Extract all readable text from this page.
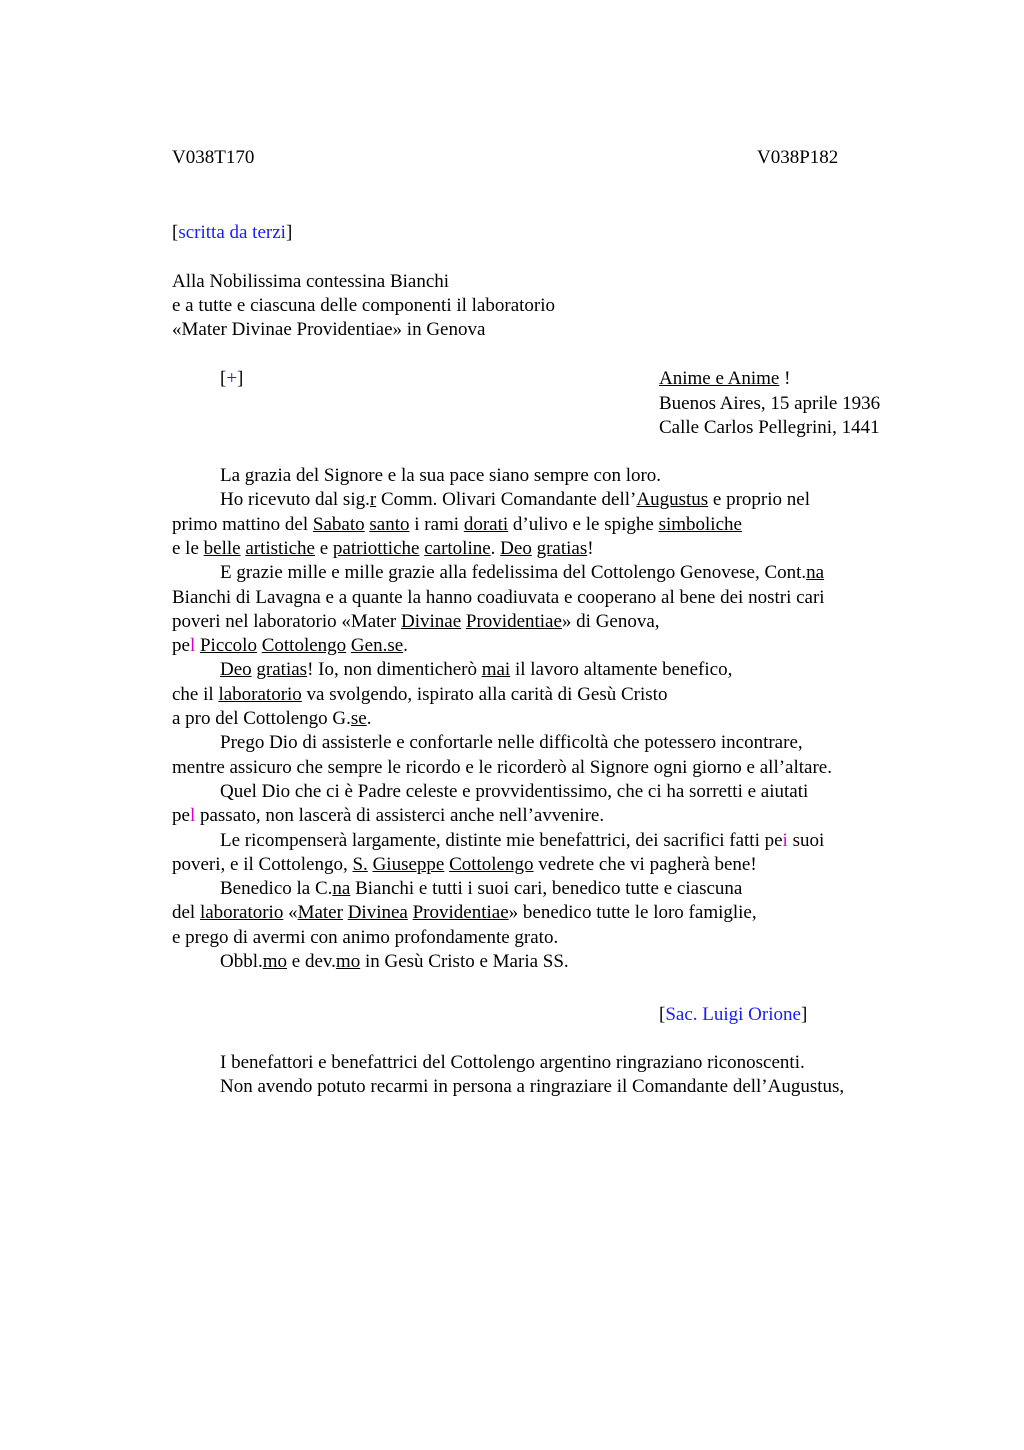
V038T170	V038P182
[scritta da terzi]
Alla Nobilissima contessina Bianchi
e a tutte e ciascuna delle componenti il laboratorio
«Mater Divinae Providentiae» in Genova
[+]	Anime e Anime !
Buenos Aires, 15 aprile 1936
Calle Carlos Pellegrini, 1441
La grazia del Signore e la sua pace siano sempre con loro.
Ho ricevuto dal sig.r Comm. Olivari Comandante dell’Augustus e proprio nel
primo mattino del Sabato santo i rami dorati d’ulivo e le spighe simboliche
e le belle artistiche e patriottiche cartoline. Deo gratias!
E grazie mille e mille grazie alla fedelissima del Cottolengo Genovese, Cont.na
Bianchi di Lavagna e a quante la hanno coadiuvata e cooperano al bene dei nostri cari
poveri nel laboratorio «Mater Divinae Providentiae» di Genova,
pel Piccolo Cottolengo Gen.se.
Deo gratias! Io, non dimenticherò mai il lavoro altamente benefico,
che il laboratorio va svolgendo, ispirato alla carità di Gesù Cristo
a pro del Cottolengo G.se.
Prego Dio di assisterle e confortarle nelle difficoltà che potessero incontrare,
mentre assicuro che sempre le ricordo e le ricorderò al Signore ogni giorno e all’altare.
Quel Dio che ci è Padre celeste e provvidentissimo, che ci ha sorretti e aiutati
pel passato, non lascerà di assisterci anche nell’avvenire.
Le ricompenserà largamente, distinte mie benefattrici, dei sacrifici fatti pei suoi
poveri, e il Cottolengo, S. Giuseppe Cottolengo vedrete che vi pagherà bene!
Benedico la C.na Bianchi e tutti i suoi cari, benedico tutte e ciascuna
del laboratorio «Mater Divinea Providentiae» benedico tutte le loro famiglie,
e prego di avermi con animo profondamente grato.
Obbl.mo e dev.mo in Gesù Cristo e Maria SS.
[Sac. Luigi Orione]
I benefattori e benefattrici del Cottolengo argentino ringraziano riconoscenti.
Non avendo potuto recarmi in persona a ringraziare il Comandante dell’Augustus,
